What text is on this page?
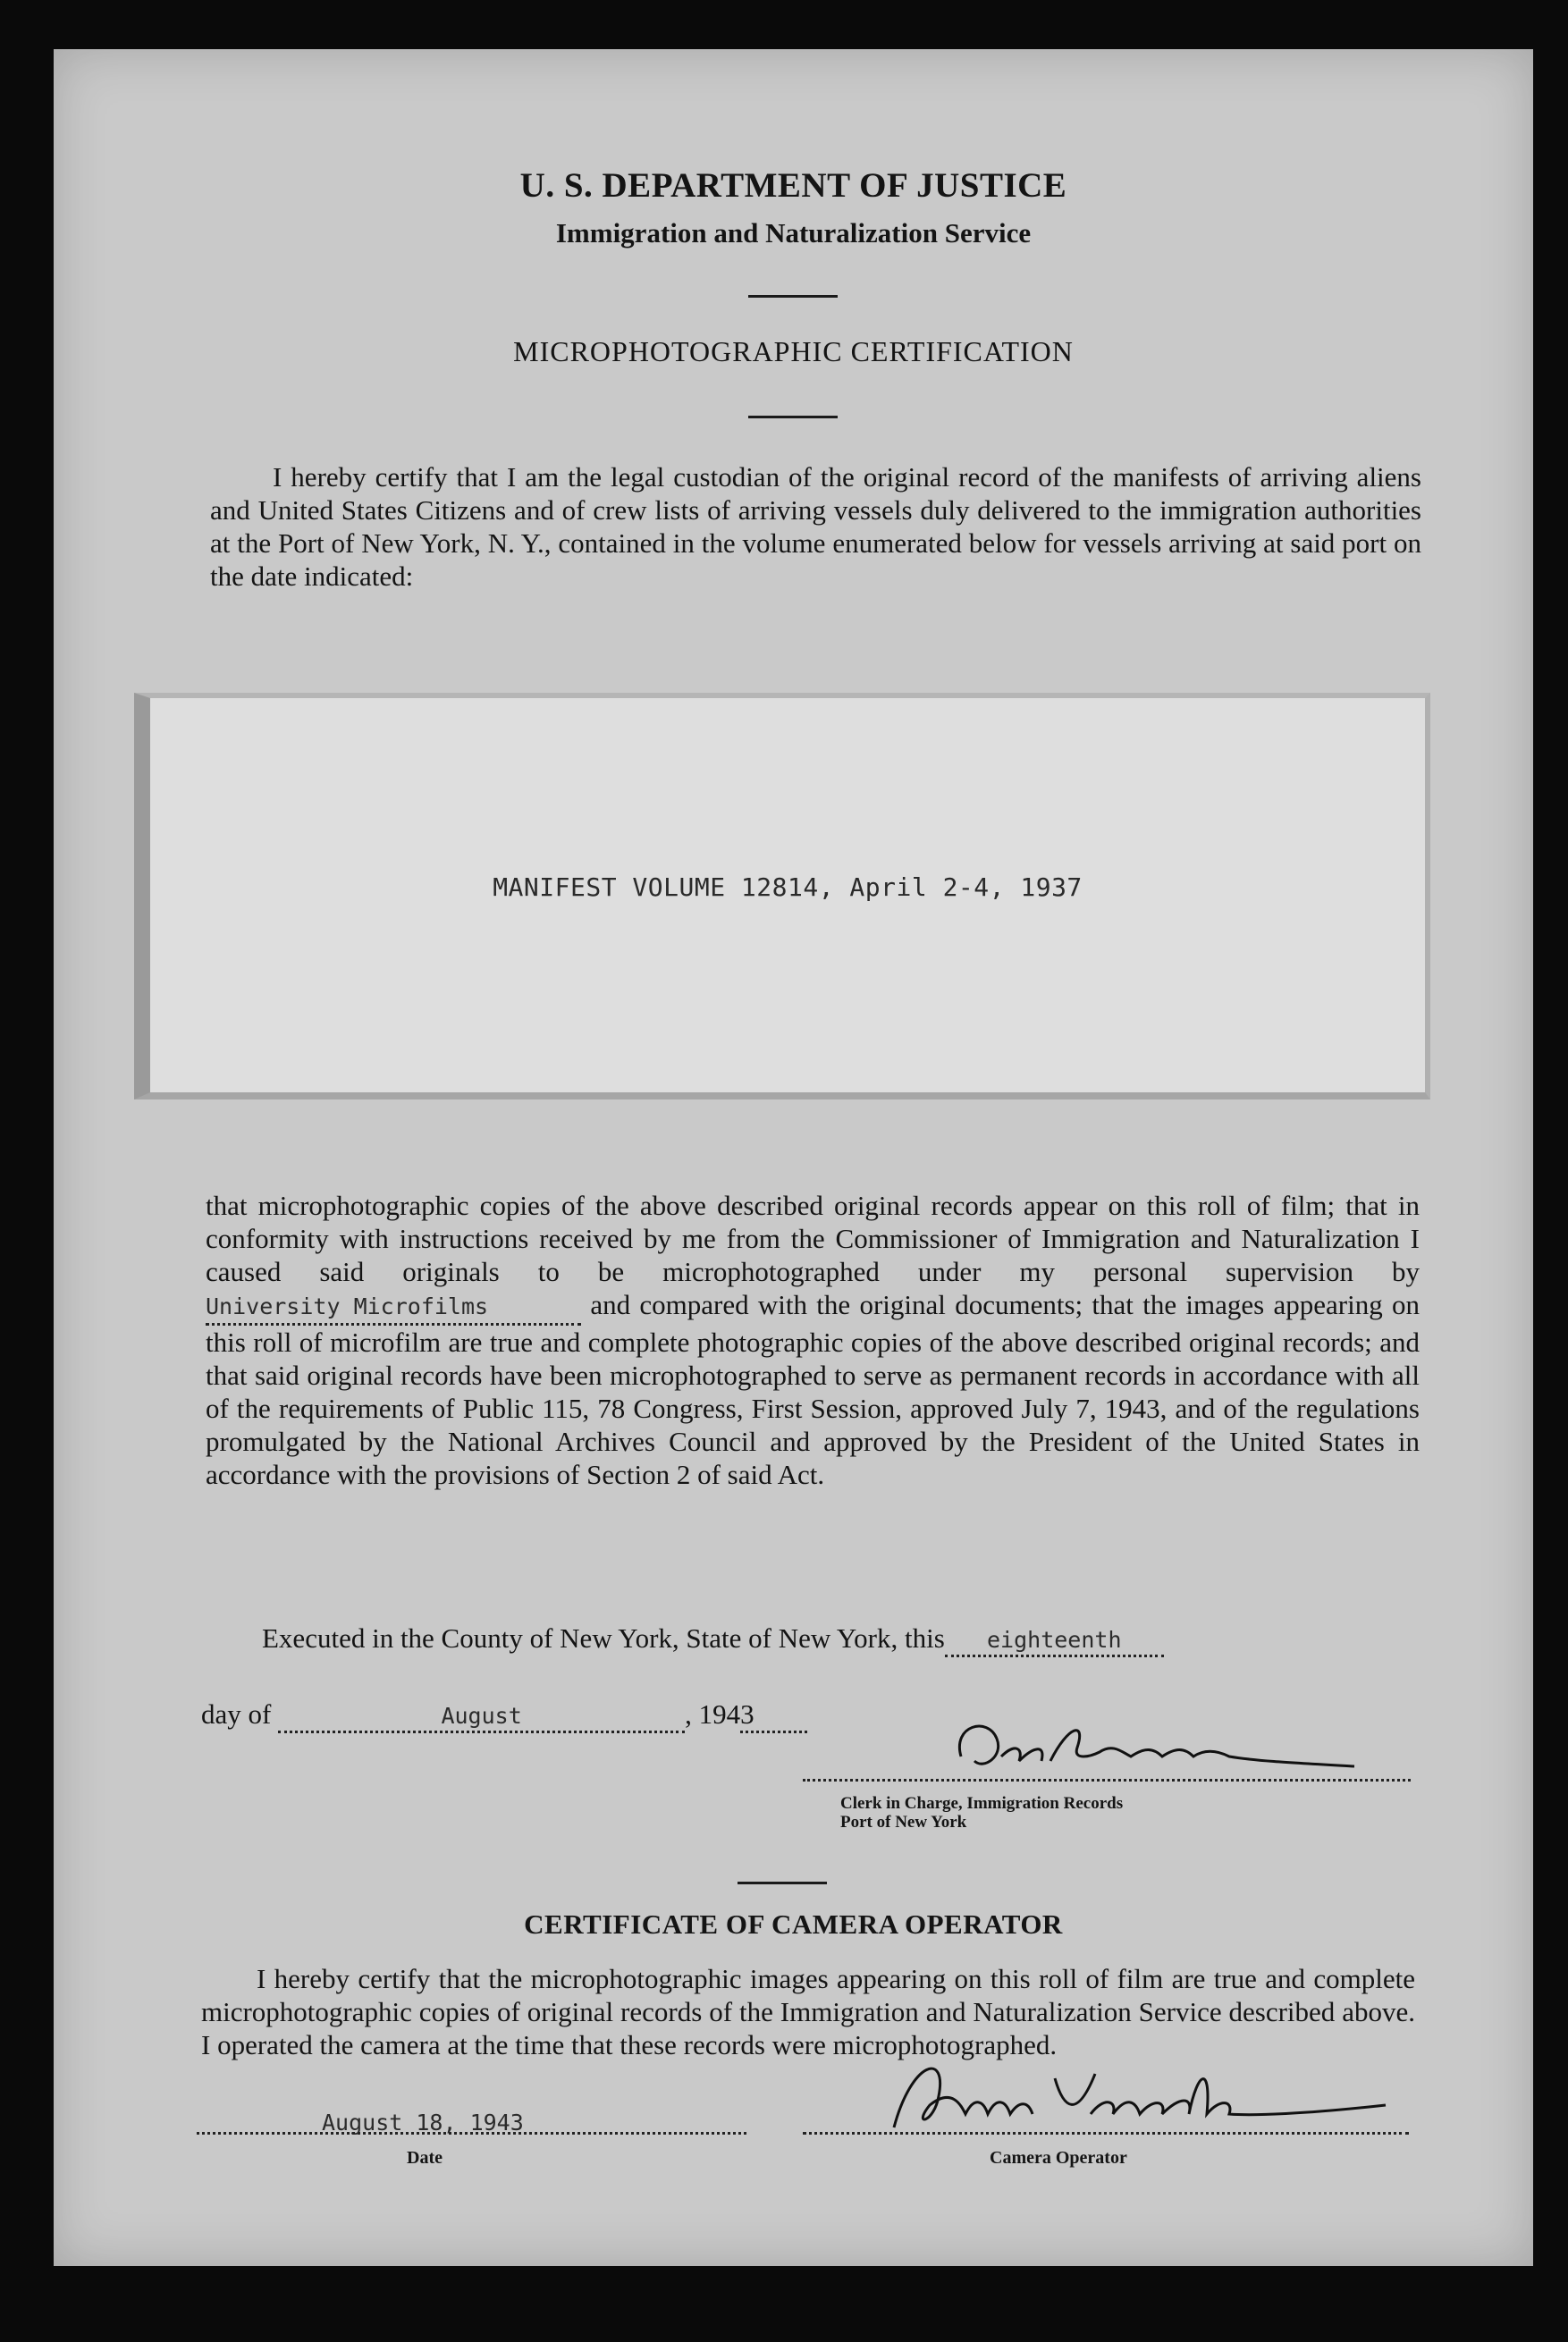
U. S. DEPARTMENT OF JUSTICE
Immigration and Naturalization Service
MICROPHOTOGRAPHIC CERTIFICATION
I hereby certify that I am the legal custodian of the original record of the manifests of arriving aliens and United States Citizens and of crew lists of arriving vessels duly delivered to the immigration authorities at the Port of New York, N. Y., contained in the volume enumerated below for vessels arriving at said port on the date indicated:
MANIFEST VOLUME 12814, April 2-4, 1937
that microphotographic copies of the above described original records appear on this roll of film; that in conformity with instructions received by me from the Commissioner of Immigration and Naturalization I caused said originals to be microphotographed under my personal supervision by University Microfilms	and compared with the original documents; that the images appearing on this roll of microfilm are true and complete photographic copies of the above described original records; and that said original records have been microphotographed to serve as permanent records in accordance with all of the requirements of Public 115, 78 Congress, First Session, approved July 7, 1943, and of the regulations promulgated by the National Archives Council and approved by the President of the United States in accordance with the provisions of Section 2 of said Act.
Executed in the County of New York, State of New York, this eighteenth
day of	August	, 1943
Clerk in Charge, Immigration Records
Port of New York
CERTIFICATE OF CAMERA OPERATOR
I hereby certify that the microphotographic images appearing on this roll of film are true and complete microphotographic copies of original records of the Immigration and Naturalization Service described above. I operated the camera at the time that these records were microphotographed.
August 18, 1943
Date	Camera Operator
